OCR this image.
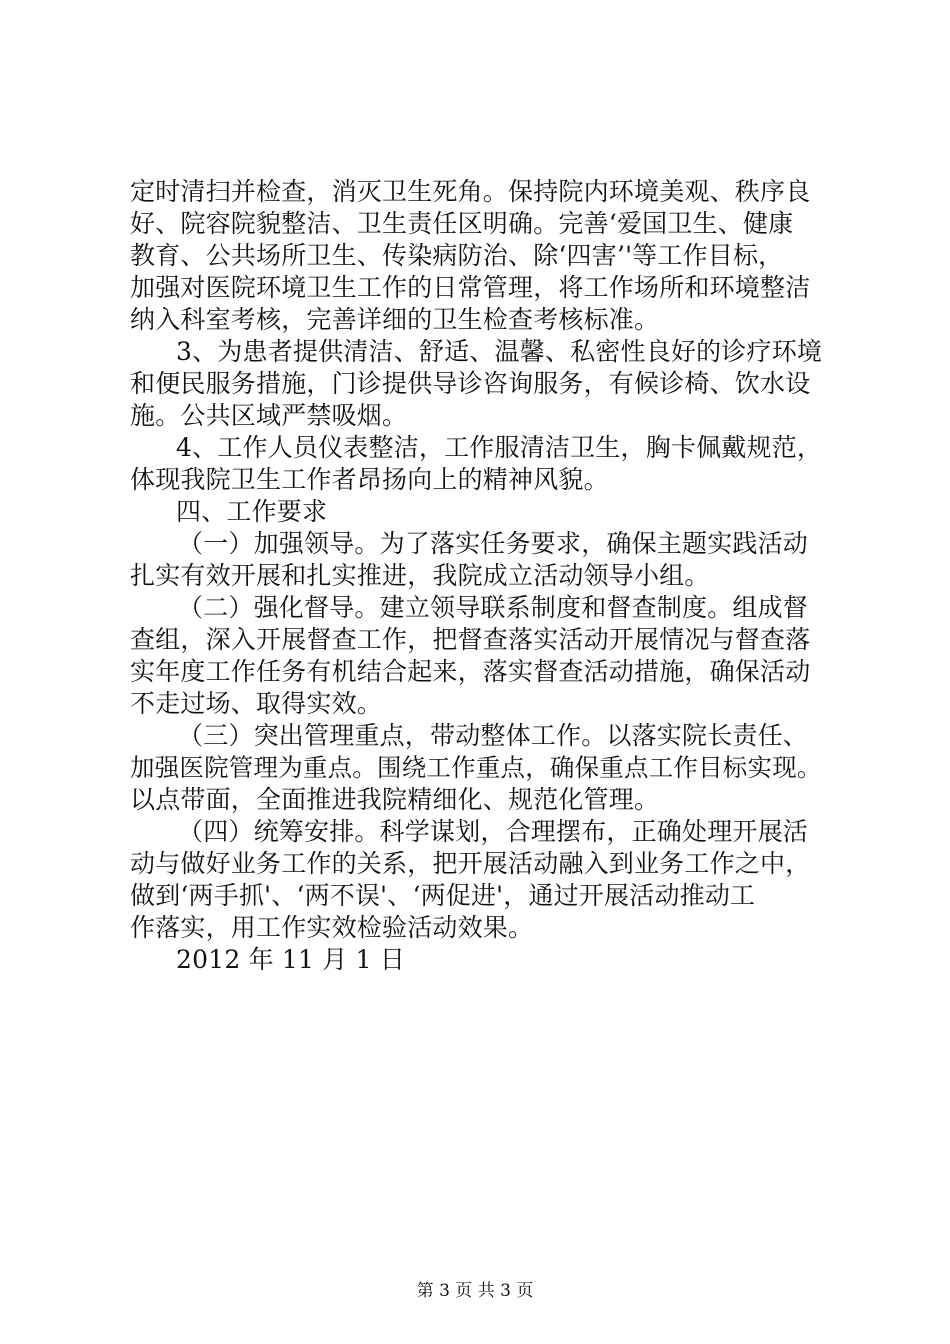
定时清扫并检查，消灭卫生死角。保持院内环境美观、秩序良
好、院容院貌整洁、卫生责任区明确。完善‘爱国卫生、健康
教育、公共场所卫生、传染病防治、除‘四害’'等工作目标，
加强对医院环境卫生工作的日常管理，将工作场所和环境整洁
纳入科室考核，完善详细的卫生检查考核标准。
3、为患者提供清洁、舒适、温馨、私密性良好的诊疗环境
和便民服务措施，门诊提供导诊咨询服务，有候诊椅、饮水设
施。公共区域严禁吸烟。
4、工作人员仪表整洁，工作服清洁卫生，胸卡佩戴规范，
体现我院卫生工作者昂扬向上的精神风貌。
四、工作要求
（一）加强领导。为了落实任务要求，确保主题实践活动
扎实有效开展和扎实推进，我院成立活动领导小组。
（二）强化督导。建立领导联系制度和督查制度。组成督
查组，深入开展督查工作，把督查落实活动开展情况与督查落
实年度工作任务有机结合起来，落实督查活动措施，确保活动
不走过场、取得实效。
（三）突出管理重点，带动整体工作。以落实院长责任、
加强医院管理为重点。围绕工作重点，确保重点工作目标实现。
以点带面，全面推进我院精细化、规范化管理。
（四）统筹安排。科学谋划，合理摆布，正确处理开展活
动与做好业务工作的关系，把开展活动融入到业务工作之中，
做到‘两手抓'、‘两不误'、‘两促进'，通过开展活动推动工
作落实，用工作实效检验活动效果。
2012 年 11 月 1 日
第 3 页 共 3 页
